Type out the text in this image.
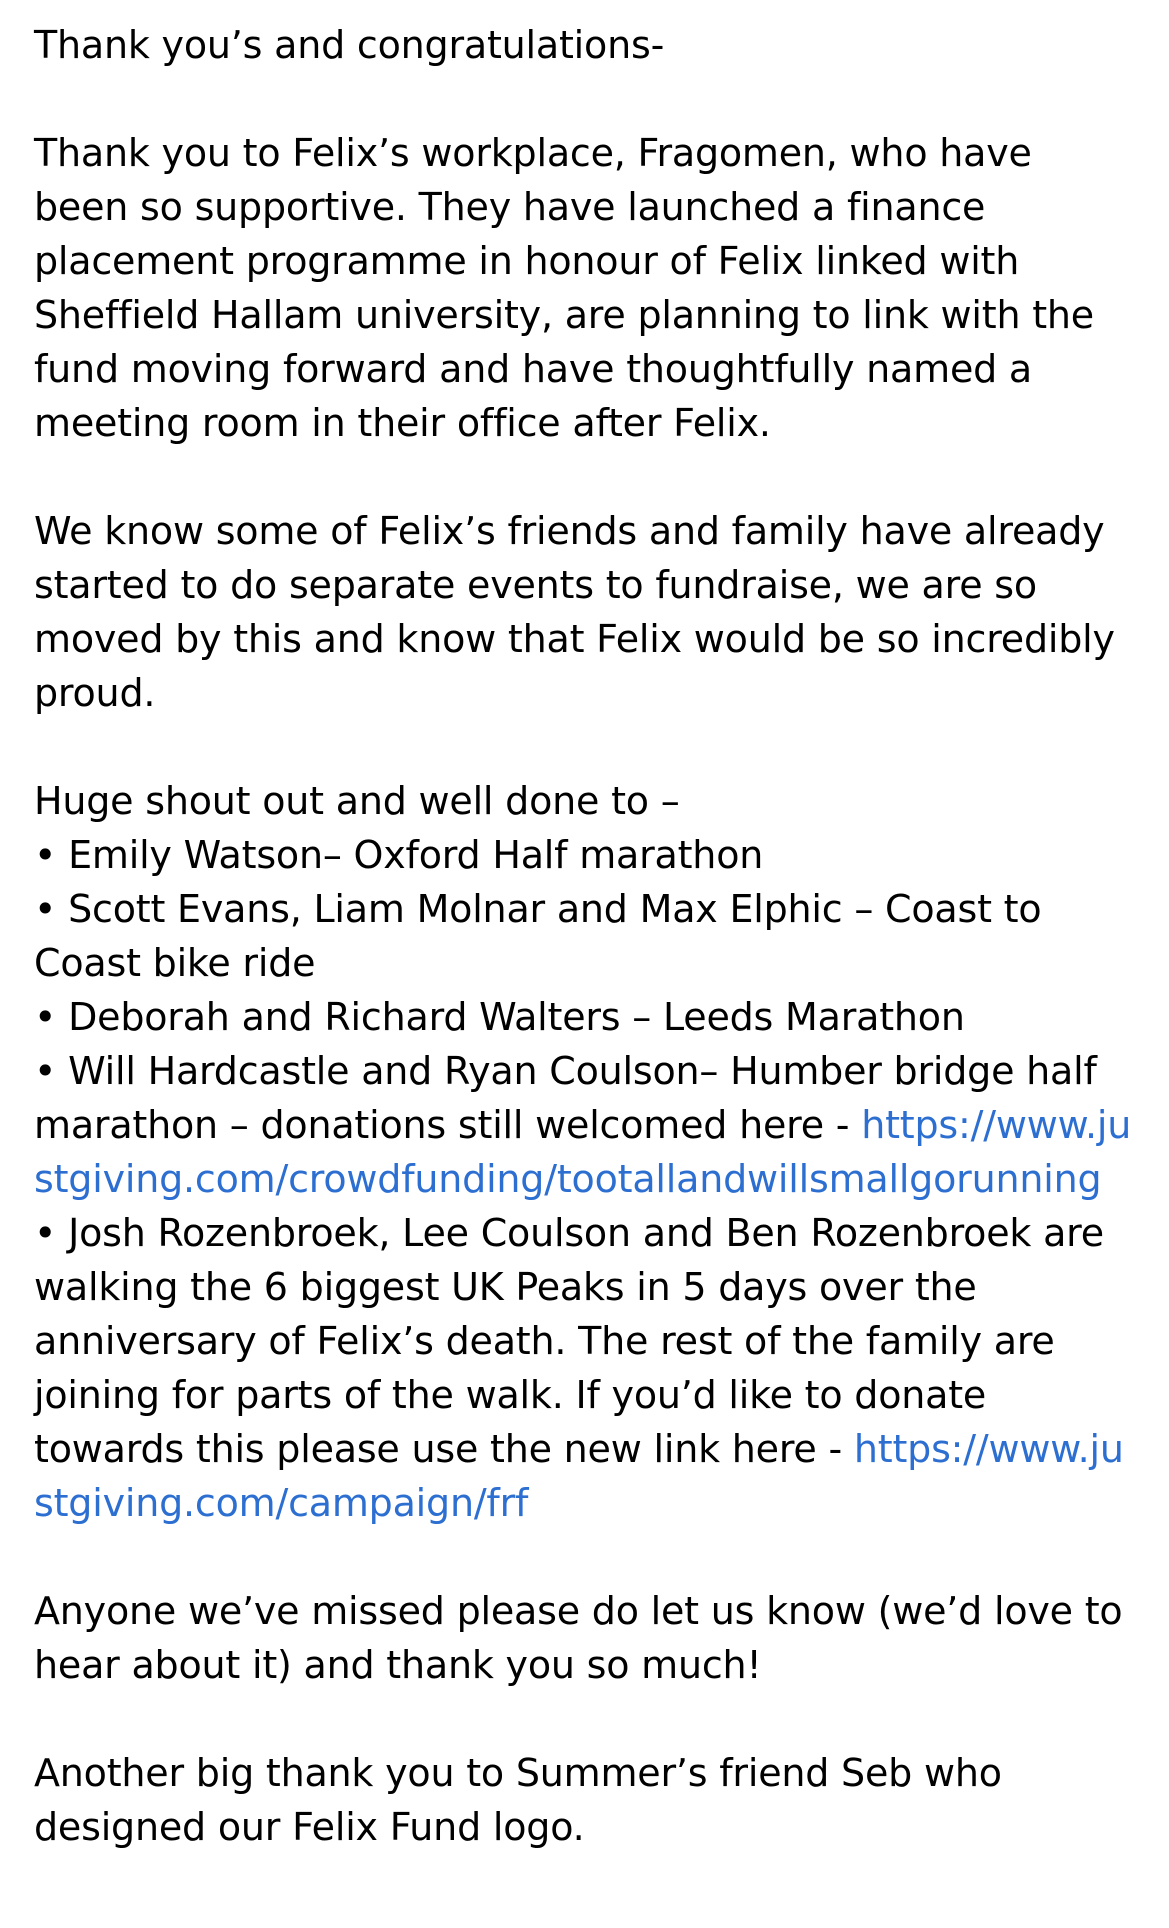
Thank you’s and congratulations-

Thank you to Felix’s workplace, Fragomen, who have been so supportive. They have launched a finance placement programme in honour of Felix linked with Sheffield Hallam university, are planning to link with the fund moving forward and have thoughtfully named a meeting room in their office after Felix.

We know some of Felix’s friends and family have already started to do separate events to fundraise, we are so moved by this and know that Felix would be so incredibly proud.

Huge shout out and well done to –

• Emily Watson– Oxford Half marathon

• Scott Evans, Liam Molnar and Max Elphic – Coast to Coast bike ride

• Deborah and Richard Walters – Leeds Marathon

• Will Hardcastle and Ryan Coulson– Humber bridge half marathon – donations still welcomed here - https://www.justgiving.com/crowdfunding/tootallandwillsmallgorunning

• Josh Rozenbroek, Lee Coulson and Ben Rozenbroek are walking the 6 biggest UK Peaks in 5 days over the anniversary of Felix’s death. The rest of the family are joining for parts of the walk. If you’d like to donate towards this please use the new link here - https://www.justgiving.com/campaign/frf

Anyone we’ve missed please do let us know (we’d love to hear about it) and thank you so much!

Another big thank you to Summer’s friend Seb who designed our Felix Fund logo.
